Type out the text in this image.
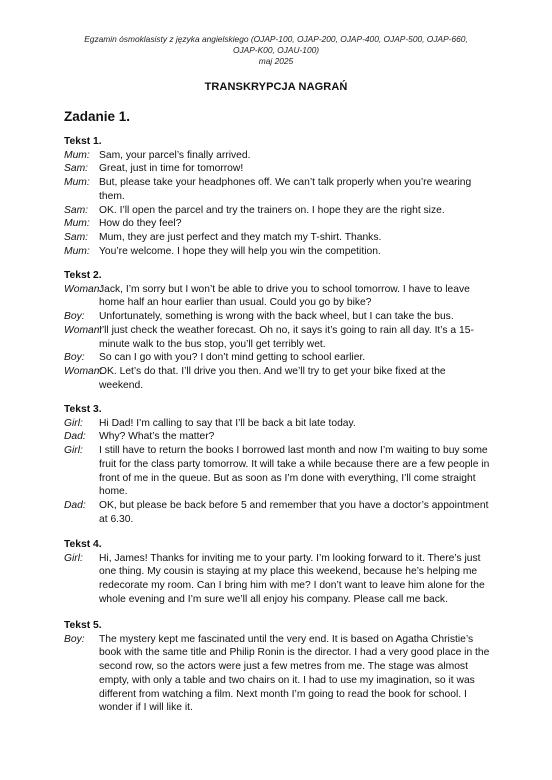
Egzamin ósmoklasisty z języka angielskiego (OJAP-100, OJAP-200, OJAP-400, OJAP-500, OJAP-660,
OJAP-K00, OJAU-100)
maj 2025
TRANSKRYPCJA NAGRAŃ
Zadanie 1.
Tekst 1.
Mum: Sam, your parcel’s finally arrived.
Sam:	Great, just in time for tomorrow!
Mum: But, please take your headphones off. We can’t talk properly when you’re wearing them.
Sam:	OK. I’ll open the parcel and try the trainers on. I hope they are the right size.
Mum: How do they feel?
Sam:	Mum, they are just perfect and they match my T-shirt. Thanks.
Mum: You’re welcome. I hope they will help you win the competition.
Tekst 2.
Woman:
Jack, I’m sorry but I won’t be able to drive you to school tomorrow. I have to leave home half an hour earlier than usual. Could you go by bike?
Boy:	Unfortunately, something is wrong with the back wheel, but I can take the bus.
Woman:
I’ll just check the weather forecast. Oh no, it says it’s going to rain all day. It’s a 15-minute walk to the bus stop, you’ll get terribly wet.
Boy:	So can I go with you? I don’t mind getting to school earlier.
Woman:
OK. Let’s do that. I’ll drive you then. And we’ll try to get your bike fixed at the weekend.
Tekst 3.
Girl:	Hi Dad! I’m calling to say that I’ll be back a bit late today.
Dad:	Why? What’s the matter?
Girl:	I still have to return the books I borrowed last month and now I’m waiting to buy some fruit for the class party tomorrow. It will take a while because there are a few people in front of me in the queue. But as soon as I’m done with everything, I’ll come straight home.
Dad:	OK, but please be back before 5 and remember that you have a doctor’s appointment at 6.30.
Tekst 4.
Girl:	Hi, James! Thanks for inviting me to your party. I’m looking forward to it. There’s just one thing. My cousin is staying at my place this weekend, because he’s helping me redecorate my room. Can I bring him with me? I don’t want to leave him alone for the whole evening and I’m sure we’ll all enjoy his company. Please call me back.
Tekst 5.
Boy:	The mystery kept me fascinated until the very end. It is based on Agatha Christie’s book with the same title and Philip Ronin is the director. I had a very good place in the second row, so the actors were just a few metres from me. The stage was almost empty, with only a table and two chairs on it. I had to use my imagination, so it was different from watching a film. Next month I’m going to read the book for school. I wonder if I will like it.
